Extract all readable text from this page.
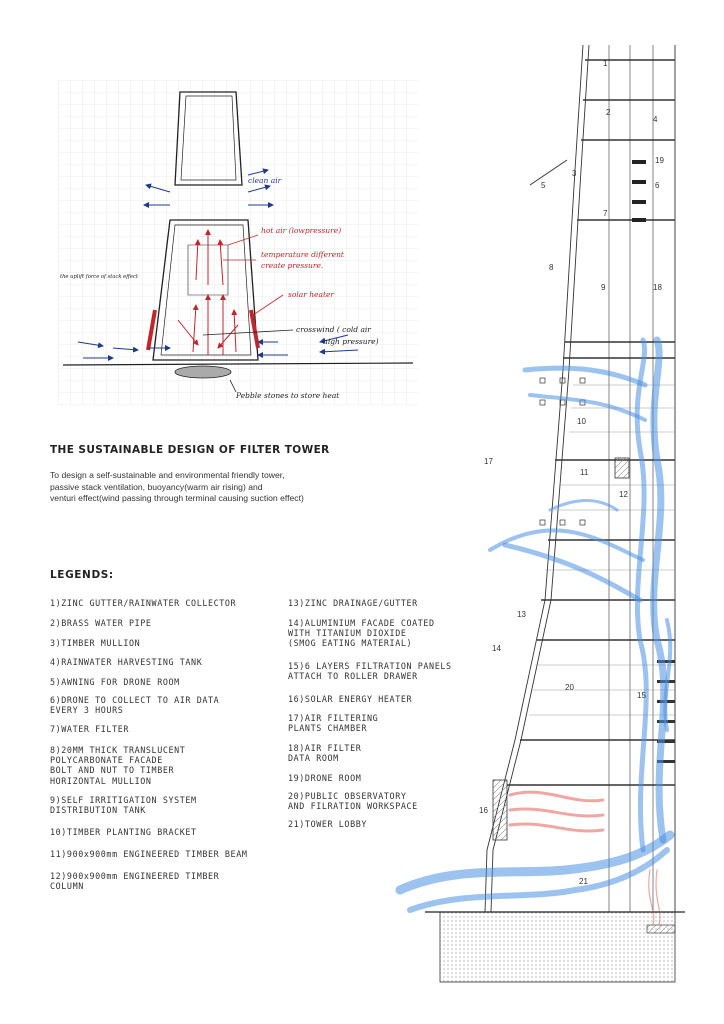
clean air
hot air (lowpressure)
temperature different
create pressure.
solar heater
the uplift force of stack effect
crosswind ( cold air
high pressure)
Pebble stones to store heat
THE SUSTAINABLE DESIGN OF FILTER TOWER

To design a self-sustainable and environmental friendly tower,

passive stack ventilation, buoyancy(warm air rising) and

venturi effect(wind passing through terminal causing suction effect)

LEGENDS:
1)ZINC GUTTER/RAINWATER COLLECTOR
2)BRASS WATER PIPE
3)TIMBER MULLION
4)RAINWATER HARVESTING TANK
5)AWNING FOR DRONE ROOM
6)DRONE TO COLLECT TO AIR DATA
EVERY 3 HOURS
7)WATER FILTER
8)20MM THICK TRANSLUCENT
POLYCARBONATE FACADE
BOLT AND NUT TO TIMBER
HORIZONTAL MULLION
9)SELF IRRITIGATION SYSTEM
DISTRIBUTION TANK
10)TIMBER PLANTING BRACKET
11)900x900mm ENGINEERED TIMBER BEAM
12)900x900mm ENGINEERED TIMBER
COLUMN
13)ZINC DRAINAGE/GUTTER
14)ALUMINIUM FACADE COATED
WITH TITANIUM DIOXIDE
(SMOG EATING MATERIAL)
15)6 LAYERS FILTRATION PANELS
ATTACH TO ROLLER DRAWER
16)SOLAR ENERGY HEATER
17)AIR FILTERING
PLANTS CHAMBER
18)AIR FILTER
DATA ROOM
19)DRONE ROOM
20)PUBLIC OBSERVATORY
AND FILRATION WORKSPACE
21)TOWER LOBBY
1
2
3
4
5	6
7
8
9
10
11
12
13
14
15
16
17
18
19
20
21
